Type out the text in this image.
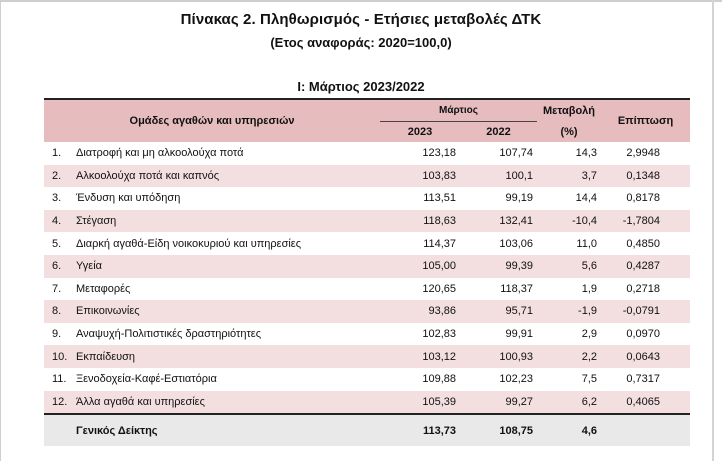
Πίνακας 2. Πληθωρισμός - Ετήσιες μεταβολές ΔΤΚ
(Ετος αναφοράς: 2020=100,0)
I: Μάρτιος 2023/2022
Ομάδες αγαθών και υπηρεσιών		Μάρτιος		Μεταβολή	Επίπτωση
		2023	2022	(%)	
1.	Διατροφή και μη αλκοολούχα ποτά	123,18	107,74	14,3	2,9948
2.	Αλκοολούχα ποτά και καπνός	103,83	100,1	3,7	0,1348
3.	Ένδυση και υπόδηση	113,51	99,19	14,4	0,8178
4.	Στέγαση	118,63	132,41	-10,4	-1,7804
5.	Διαρκή αγαθά-Είδη νοικοκυριού και υπηρεσίες	114,37	103,06	11,0	0,4850
6.	Υγεία	105,00	99,39	5,6	0,4287
7.	Μεταφορές	120,65	118,37	1,9	0,2718
8.	Επικοινωνίες	93,86	95,71	-1,9	-0,0791
9.	Αναψυχή-Πολιτιστικές δραστηριότητες	102,83	99,91	2,9	0,0970
10.	Εκπαίδευση	103,12	100,93	2,2	0,0643
11.	Ξενοδοχεία-Καφέ-Εστιατόρια	109,88	102,23	7,5	0,7317
12.	Άλλα αγαθά και υπηρεσίες	105,39	99,27	6,2	0,4065
	Γενικός Δείκτης	113,73	108,75	4,6	
